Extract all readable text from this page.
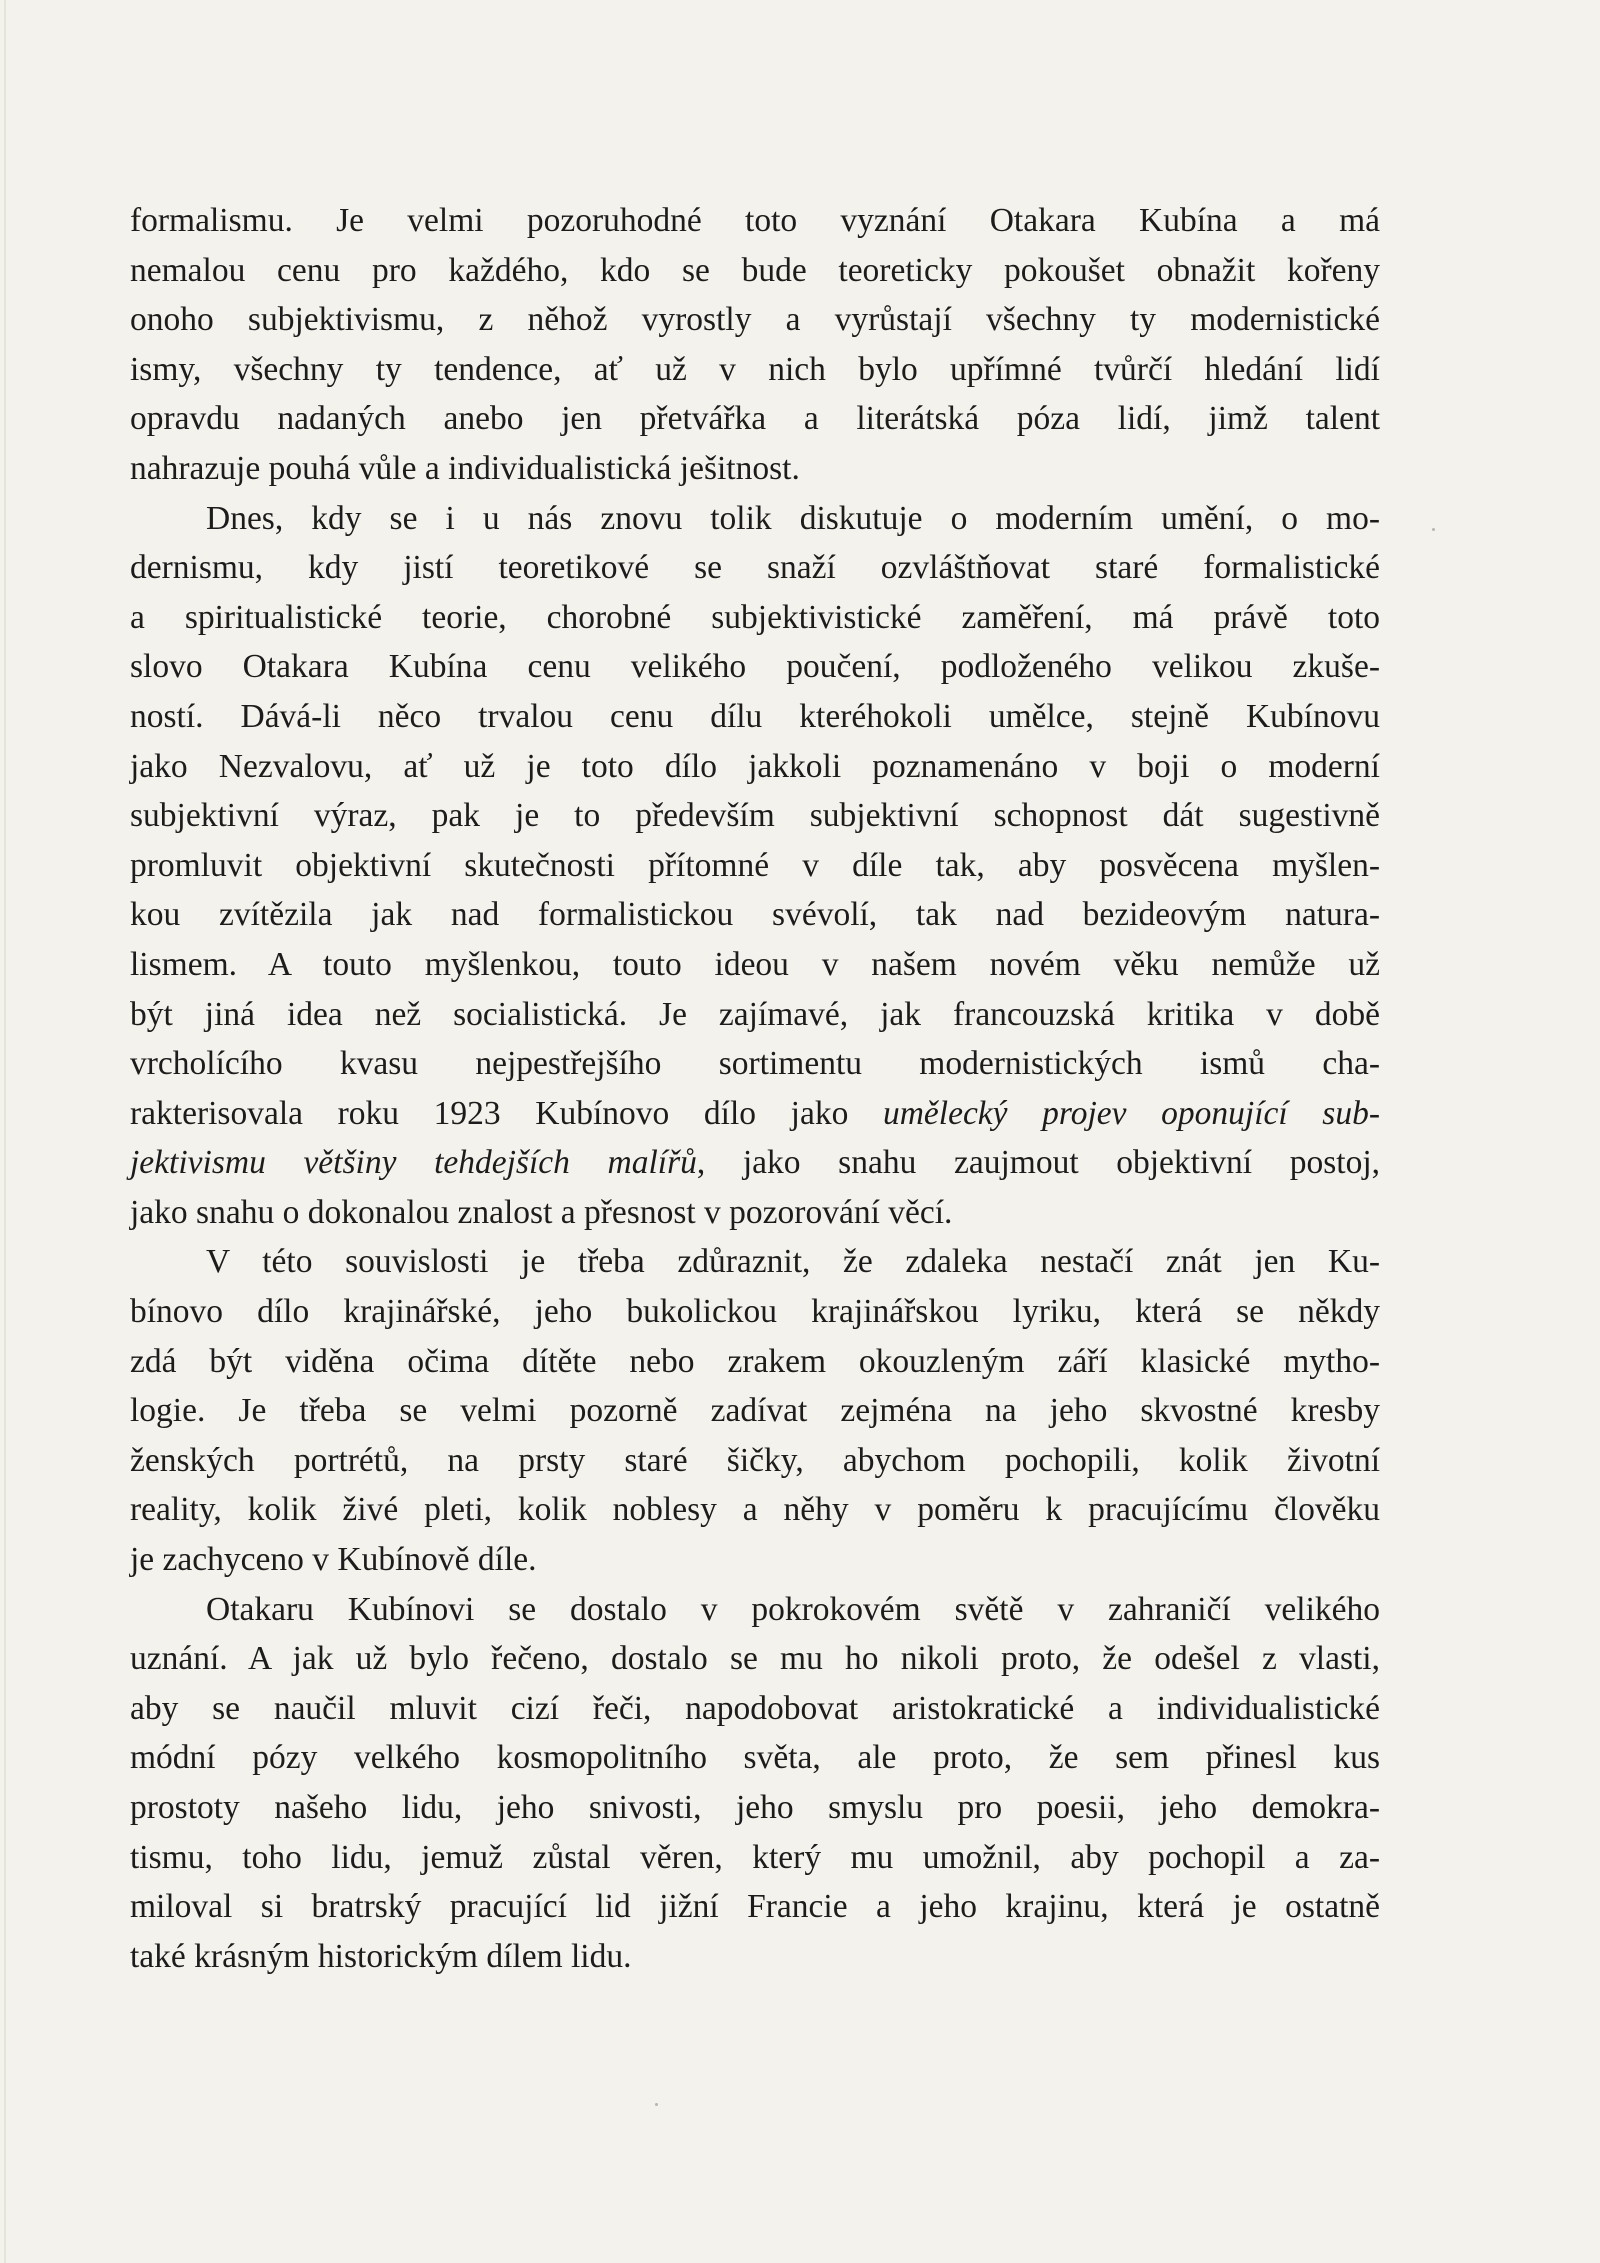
formalismu. Je velmi pozoruhodné toto vyznání Otakara Kubína a má
nemalou cenu pro každého, kdo se bude teoreticky pokoušet obnažit kořeny
onoho subjektivismu, z něhož vyrostly a vyrůstají všechny ty modernistické
ismy, všechny ty tendence, ať už v nich bylo upřímné tvůrčí hledání lidí
opravdu nadaných anebo jen přetvářka a literátská póza lidí, jimž talent
nahrazuje pouhá vůle a individualistická ješitnost.
Dnes, kdy se i u nás znovu tolik diskutuje o moderním umění, o mo-
dernismu, kdy jistí teoretikové se snaží ozvláštňovat staré formalistické
a spiritualistické teorie, chorobné subjektivistické zaměření, má právě toto
slovo Otakara Kubína cenu velikého poučení, podloženého velikou zkuše-
ností. Dává-li něco trvalou cenu dílu kteréhokoli umělce, stejně Kubínovu
jako Nezvalovu, ať už je toto dílo jakkoli poznamenáno v boji o moderní
subjektivní výraz, pak je to především subjektivní schopnost dát sugestivně
promluvit objektivní skutečnosti přítomné v díle tak, aby posvěcena myšlen-
kou zvítězila jak nad formalistickou svévolí, tak nad bezideovým natura-
lismem. A touto myšlenkou, touto ideou v našem novém věku nemůže už
být jiná idea než socialistická. Je zajímavé, jak francouzská kritika v době
vrcholícího kvasu nejpestřejšího sortimentu modernistických ismů cha-
rakterisovala roku 1923 Kubínovo dílo jako umělecký projev oponující sub-
jektivismu většiny tehdejších malířů, jako snahu zaujmout objektivní postoj,
jako snahu o dokonalou znalost a přesnost v pozorování věcí.
V této souvislosti je třeba zdůraznit, že zdaleka nestačí znát jen Ku-
bínovo dílo krajinářské, jeho bukolickou krajinářskou lyriku, která se někdy
zdá být viděna očima dítěte nebo zrakem okouzleným září klasické mytho-
logie. Je třeba se velmi pozorně zadívat zejména na jeho skvostné kresby
ženských portrétů, na prsty staré šičky, abychom pochopili, kolik životní
reality, kolik živé pleti, kolik noblesy a něhy v poměru k pracujícímu člověku
je zachyceno v Kubínově díle.
Otakaru Kubínovi se dostalo v pokrokovém světě v zahraničí velikého
uznání. A jak už bylo řečeno, dostalo se mu ho nikoli proto, že odešel z vlasti,
aby se naučil mluvit cizí řeči, napodobovat aristokratické a individualistické
módní pózy velkého kosmopolitního světa, ale proto, že sem přinesl kus
prostoty našeho lidu, jeho snivosti, jeho smyslu pro poesii, jeho demokra-
tismu, toho lidu, jemuž zůstal věren, který mu umožnil, aby pochopil a za-
miloval si bratrský pracující lid jižní Francie a jeho krajinu, která je ostatně
také krásným historickým dílem lidu.
